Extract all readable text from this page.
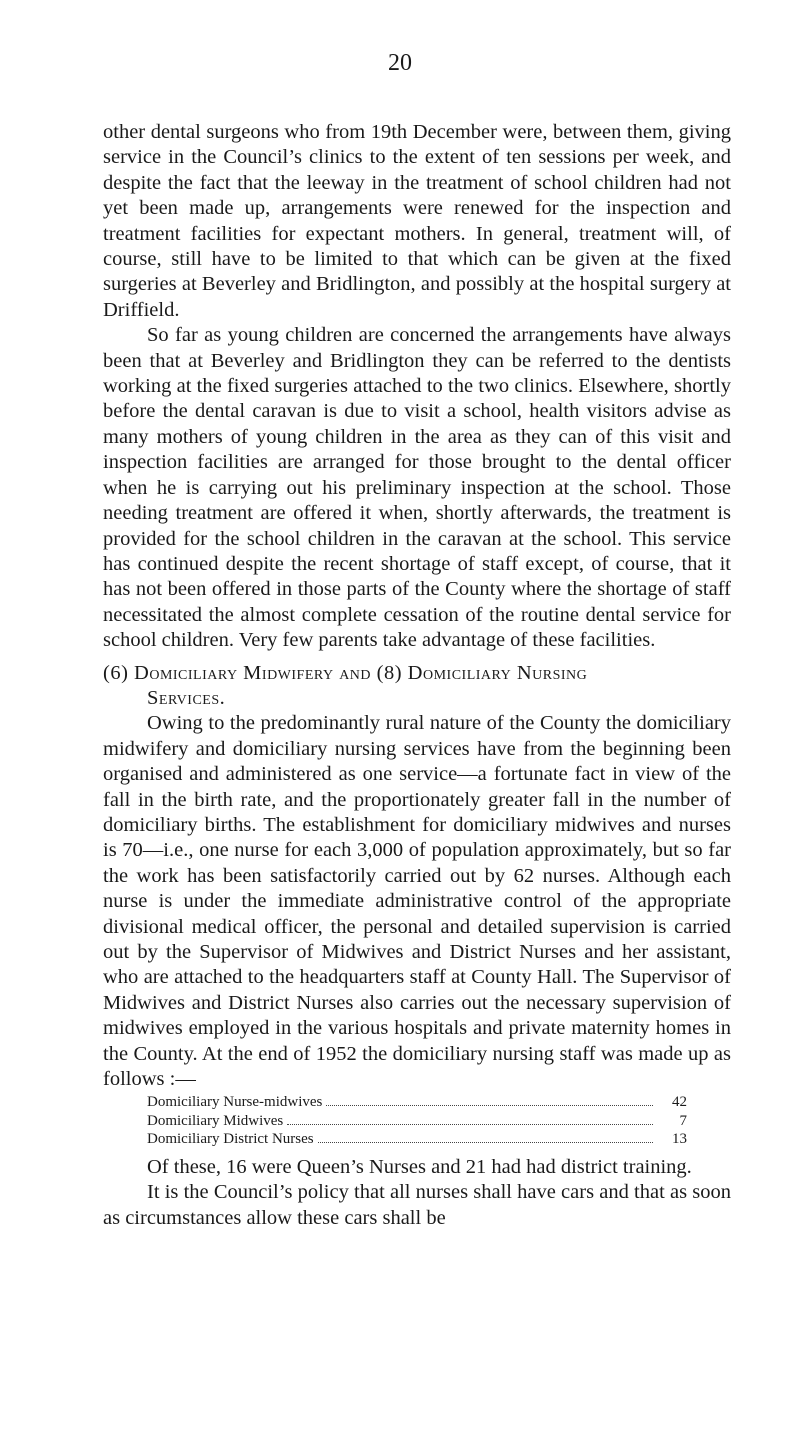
20

other dental surgeons who from 19th December were, between them, giving service in the Council’s clinics to the extent of ten sessions per week, and despite the fact that the leeway in the treatment of school children had not yet been made up, arrangements were renewed for the inspection and treatment facilities for expectant mothers. In general, treatment will, of course, still have to be limited to that which can be given at the fixed surgeries at Beverley and Bridlington, and possibly at the hospital surgery at Driffield.

So far as young children are concerned the arrangements have always been that at Beverley and Bridlington they can be referred to the dentists working at the fixed surgeries attached to the two clinics. Elsewhere, shortly before the dental caravan is due to visit a school, health visitors advise as many mothers of young children in the area as they can of this visit and inspection facilities are arranged for those brought to the dental officer when he is carrying out his preliminary inspection at the school. Those needing treatment are offered it when, shortly afterwards, the treatment is provided for the school children in the caravan at the school. This service has continued despite the recent shortage of staff except, of course, that it has not been offered in those parts of the County where the shortage of staff necessitated the almost complete cessation of the routine dental service for school children. Very few parents take advantage of these facilities.

(6) Domiciliary Midwifery and (8) Domiciliary Nursing
Services.

Owing to the predominantly rural nature of the County the domiciliary midwifery and domiciliary nursing services have from the beginning been organised and administered as one service—a fortunate fact in view of the fall in the birth rate, and the proportionately greater fall in the number of domiciliary births. The establishment for domiciliary midwives and nurses is 70—i.e., one nurse for each 3,000 of population approximately, but so far the work has been satisfactorily carried out by 62 nurses. Although each nurse is under the immediate administrative control of the appropriate divisional medical officer, the personal and detailed supervision is carried out by the Supervisor of Midwives and District Nurses and her assistant, who are attached to the headquarters staff at County Hall. The Supervisor of Midwives and District Nurses also carries out the necessary supervision of midwives employed in the various hospitals and private maternity homes in the County. At the end of 1952 the domiciliary nursing staff was made up as follows :—

Domiciliary Nurse-midwives	42
Domiciliary Midwives	7
Domiciliary District Nurses	13

Of these, 16 were Queen’s Nurses and 21 had had district training.

It is the Council’s policy that all nurses shall have cars and that as soon as circumstances allow these cars shall be
